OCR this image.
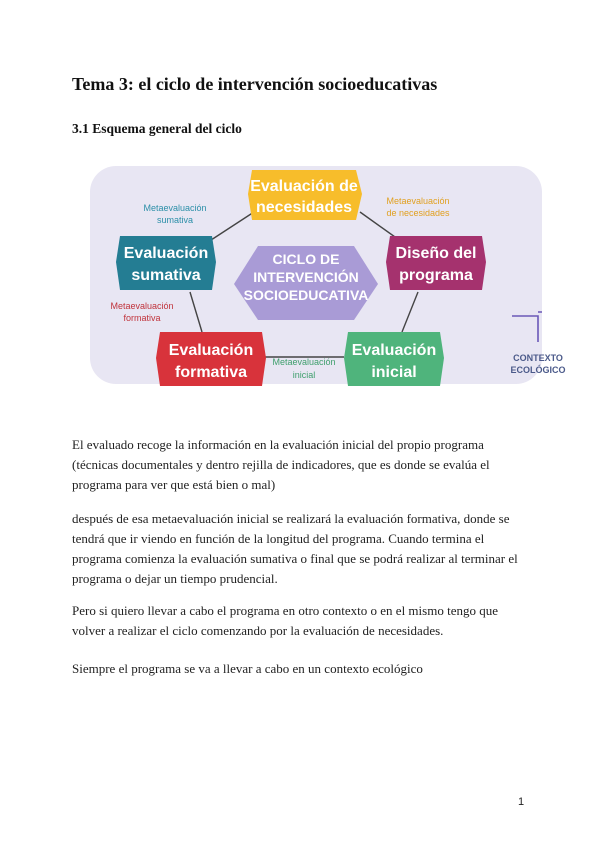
Tema 3: el ciclo de intervención socioeducativas
3.1 Esquema general del ciclo
CICLO DE
INTERVENCIÓN
SOCIOEDUCATIVA
Evaluación de
necesidades
Diseño del
programa
Evaluación
inicial
Evaluación
formativa
Evaluación
sumativa
Metaevaluación
sumativa
Metaevaluación
de necesidades
Metaevaluación
formativa
Metaevaluación
inicial
CONTEXTO
ECOLÓGICO

El evaluado recoge la información en la evaluación inicial del propio programa (técnicas documentales y dentro rejilla de indicadores, que es donde se evalúa el programa para ver que está bien o mal)

después de esa metaevaluación inicial se realizará la evaluación formativa, donde se tendrá que ir viendo en función de la longitud del programa. Cuando termina el programa comienza la evaluación sumativa o final que se podrá realizar al terminar el programa o dejar un tiempo prudencial.

Pero si quiero llevar a cabo el programa en otro contexto o en el mismo tengo que volver a realizar el ciclo comenzando por la evaluación de necesidades.

Siempre el programa se va a llevar a cabo en un contexto ecológico

1
